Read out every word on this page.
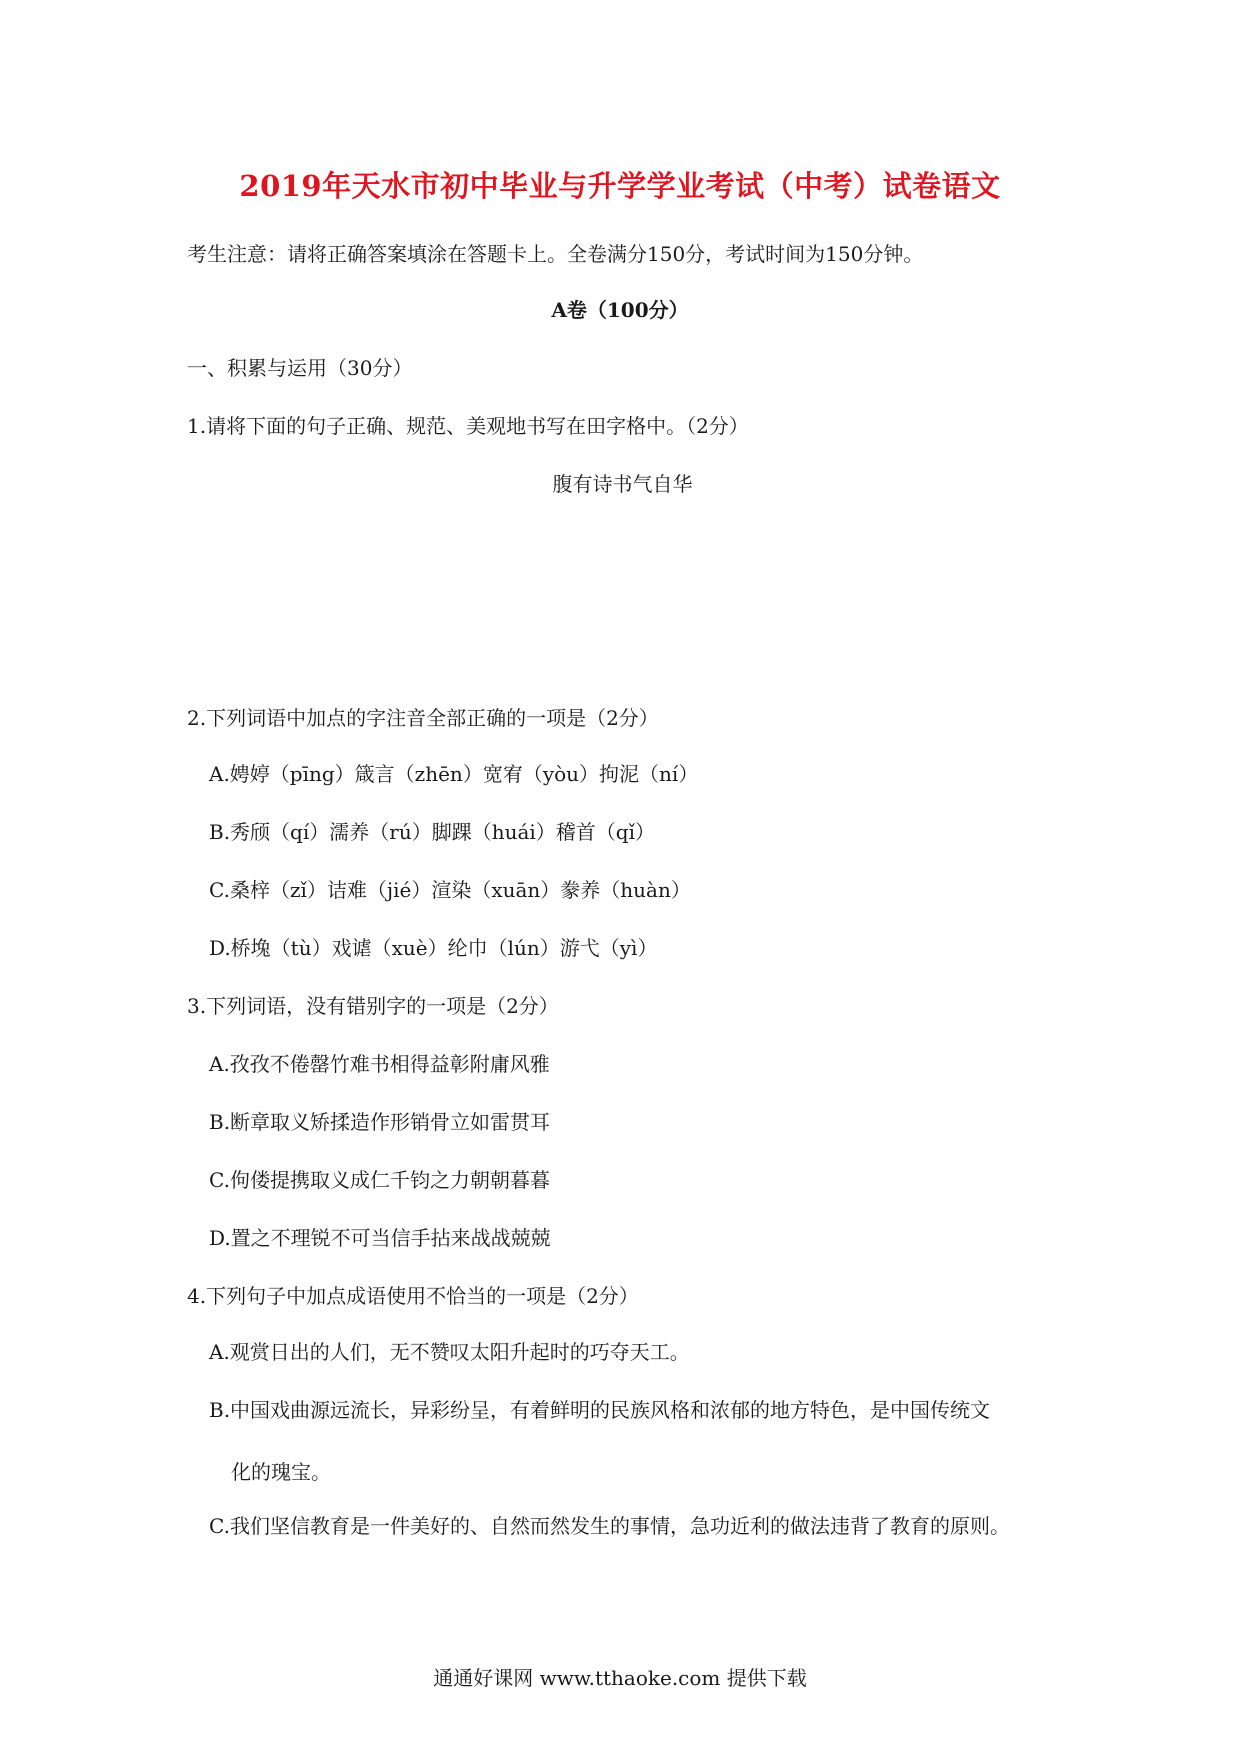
2019年天水市初中毕业与升学学业考试（中考）试卷语文
考生注意：请将正确答案填涂在答题卡上。全卷满分150分，考试时间为150分钟。
A卷（100分）
一、积累与运用（30分）
1.请将下面的句子正确、规范、美观地书写在田字格中。（2分）
腹有诗书气自华
2.下列词语中加点的字注音全部正确的一项是（2分）
A.娉婷（pīng）箴言（zhēn）宽宥（yòu）拘泥（ní）
B.秀颀（qí）濡养（rú）脚踝（huái）稽首（qǐ）
C.桑梓（zǐ）诘难（jié）渲染（xuān）豢养（huàn）
D.桥堍（tù）戏谑（xuè）纶巾（lún）游弋（yì）
3.下列词语，没有错别字的一项是（2分）
A.孜孜不倦罄竹难书相得益彰附庸风雅
B.断章取义矫揉造作形销骨立如雷贯耳
C.佝偻提携取义成仁千钧之力朝朝暮暮
D.置之不理锐不可当信手拈来战战兢兢
4.下列句子中加点成语使用不恰当的一项是（2分）
A.观赏日出的人们，无不赞叹太阳升起时的巧夺天工。
B.中国戏曲源远流长，异彩纷呈，有着鲜明的民族风格和浓郁的地方特色，是中国传统文
化的瑰宝。
C.我们坚信教育是一件美好的、自然而然发生的事情，急功近利的做法违背了教育的原则。
通通好课网 www.tthaoke.com 提供下载
